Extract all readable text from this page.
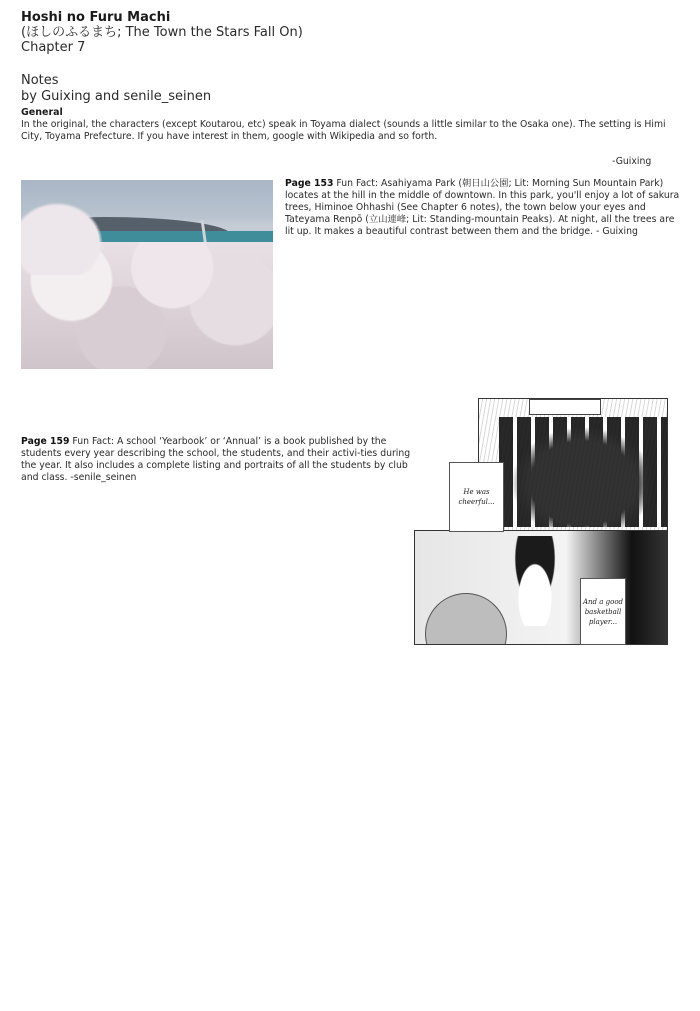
Hoshi no Furu Machi
(ほしのふるまち; The Town the Stars Fall On)
Chapter 7
Notes
by Guixing and senile_seinen
General
In the original, the characters (except Koutarou, etc) speak in Toyama dialect (sounds a little similar to the Osaka one). The setting is Himi City, Toyama Prefecture. If you have interest in them, google with Wikipedia and so forth.
-Guixing
Page 153 Fun Fact: Asahiyama Park (朝日山公園; Lit: Morning Sun Mountain Park) locates at the hill in the middle of downtown. In this park, you'll enjoy a lot of sakura trees, Himinoe Ohhashi (See Chapter 6 notes), the town below your eyes and Tateyama Renpō (立山連峰; Lit: Standing-mountain Peaks). At night, all the trees are lit up. It makes a beautiful contrast between them and the bridge. - Guixing
Page 159 Fun Fact: A school ‘Yearbook’ or ‘Annual’ is a book published by the students every year describing the school, the students, and their activi-ties during the year. It also includes a complete listing and portraits of all the students by club and class. -senile_seinen
He was cheerful...
And a good basketball player...
